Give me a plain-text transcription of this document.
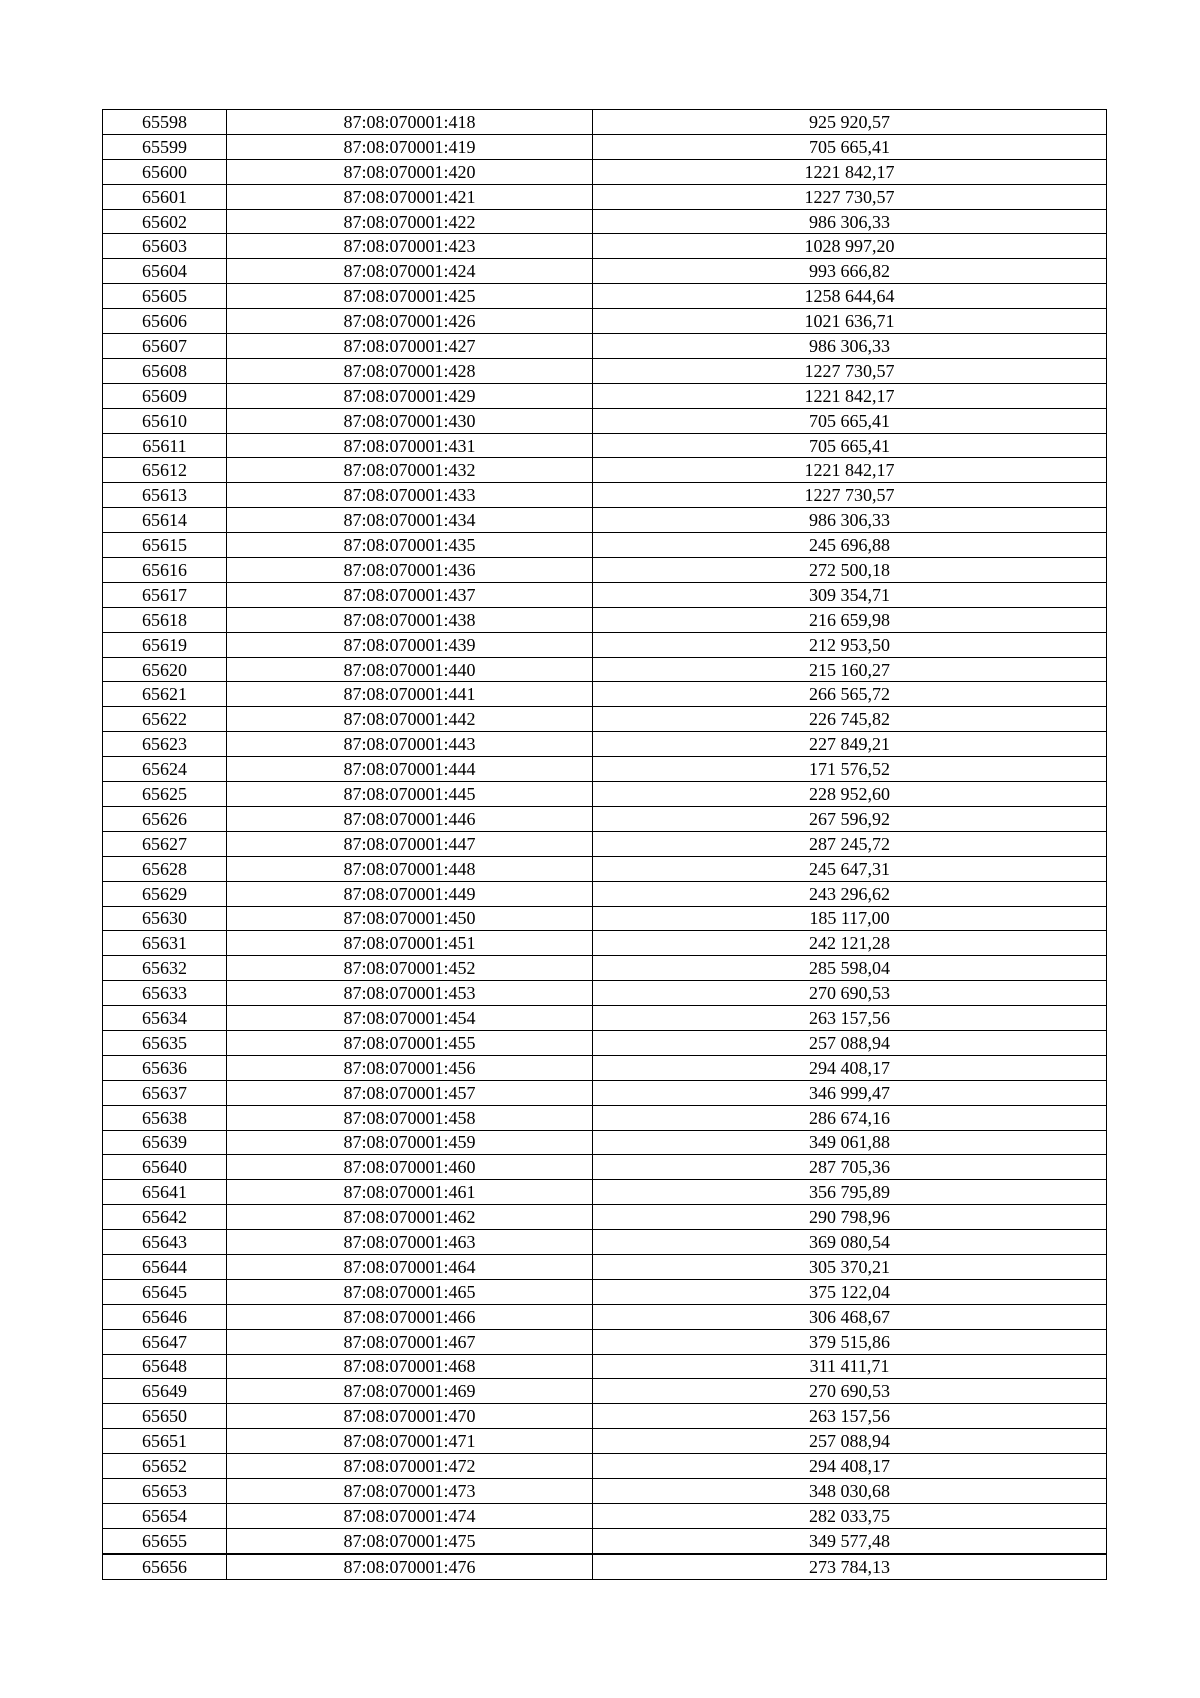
65598	87:08:070001:418	925 920,57
65599	87:08:070001:419	705 665,41
65600	87:08:070001:420	1221 842,17
65601	87:08:070001:421	1227 730,57
65602	87:08:070001:422	986 306,33
65603	87:08:070001:423	1028 997,20
65604	87:08:070001:424	993 666,82
65605	87:08:070001:425	1258 644,64
65606	87:08:070001:426	1021 636,71
65607	87:08:070001:427	986 306,33
65608	87:08:070001:428	1227 730,57
65609	87:08:070001:429	1221 842,17
65610	87:08:070001:430	705 665,41
65611	87:08:070001:431	705 665,41
65612	87:08:070001:432	1221 842,17
65613	87:08:070001:433	1227 730,57
65614	87:08:070001:434	986 306,33
65615	87:08:070001:435	245 696,88
65616	87:08:070001:436	272 500,18
65617	87:08:070001:437	309 354,71
65618	87:08:070001:438	216 659,98
65619	87:08:070001:439	212 953,50
65620	87:08:070001:440	215 160,27
65621	87:08:070001:441	266 565,72
65622	87:08:070001:442	226 745,82
65623	87:08:070001:443	227 849,21
65624	87:08:070001:444	171 576,52
65625	87:08:070001:445	228 952,60
65626	87:08:070001:446	267 596,92
65627	87:08:070001:447	287 245,72
65628	87:08:070001:448	245 647,31
65629	87:08:070001:449	243 296,62
65630	87:08:070001:450	185 117,00
65631	87:08:070001:451	242 121,28
65632	87:08:070001:452	285 598,04
65633	87:08:070001:453	270 690,53
65634	87:08:070001:454	263 157,56
65635	87:08:070001:455	257 088,94
65636	87:08:070001:456	294 408,17
65637	87:08:070001:457	346 999,47
65638	87:08:070001:458	286 674,16
65639	87:08:070001:459	349 061,88
65640	87:08:070001:460	287 705,36
65641	87:08:070001:461	356 795,89
65642	87:08:070001:462	290 798,96
65643	87:08:070001:463	369 080,54
65644	87:08:070001:464	305 370,21
65645	87:08:070001:465	375 122,04
65646	87:08:070001:466	306 468,67
65647	87:08:070001:467	379 515,86
65648	87:08:070001:468	311 411,71
65649	87:08:070001:469	270 690,53
65650	87:08:070001:470	263 157,56
65651	87:08:070001:471	257 088,94
65652	87:08:070001:472	294 408,17
65653	87:08:070001:473	348 030,68
65654	87:08:070001:474	282 033,75
65655	87:08:070001:475	349 577,48
65656	87:08:070001:476	273 784,13
